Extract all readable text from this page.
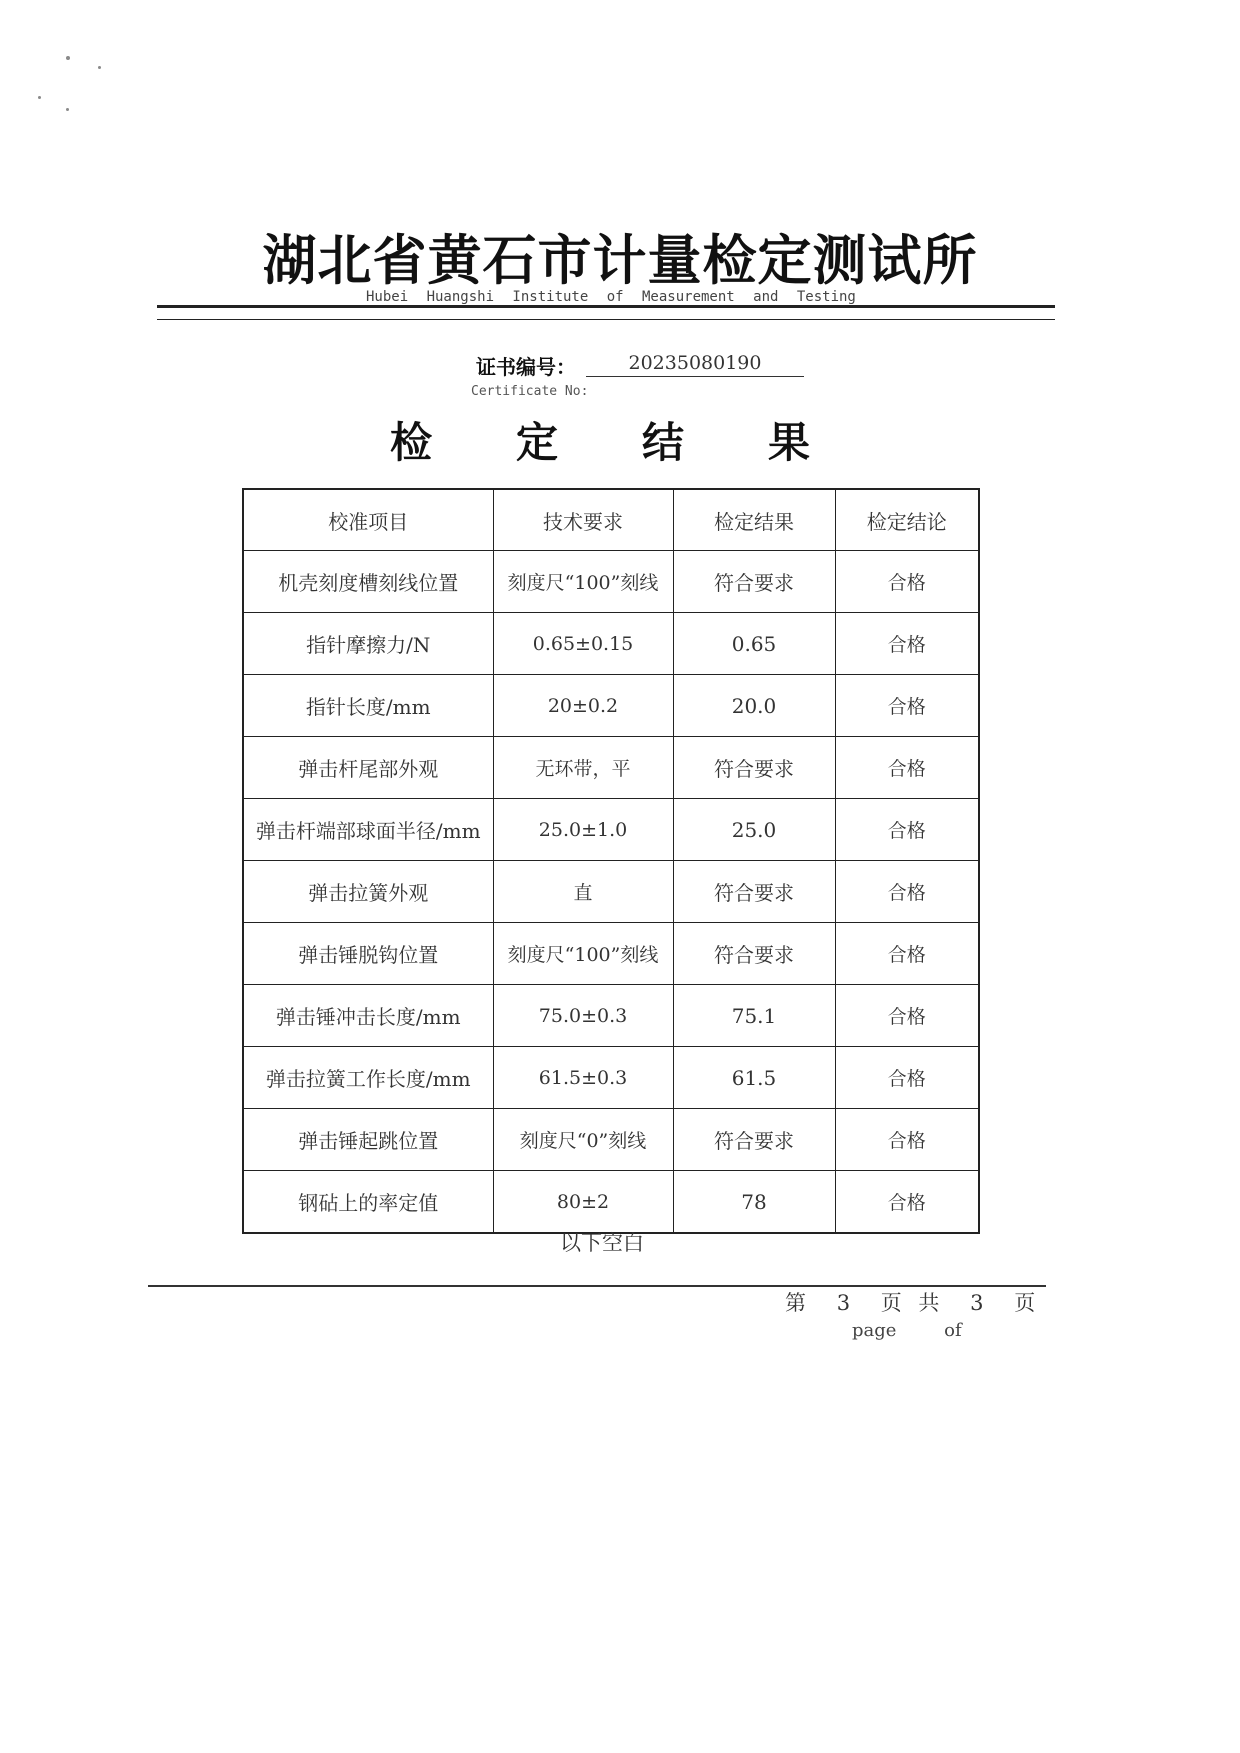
湖北省黄石市计量检定测试所
Hubei Huangshi Institute of Measurement and Testing
证书编号：	20235080190
Certificate No:
检 定 结 果
校准项目	技术要求	检定结果	检定结论
机壳刻度槽刻线位置	刻度尺“100”刻线	符合要求	合格
指针摩擦力/N	0.65±0.15	0.65	合格
指针长度/mm	20±0.2	20.0	合格
弹击杆尾部外观	无环带，平	符合要求	合格
弹击杆端部球面半径/mm	25.0±1.0	25.0	合格
弹击拉簧外观	直	符合要求	合格
弹击锤脱钩位置	刻度尺“100”刻线	符合要求	合格
弹击锤冲击长度/mm	75.0±0.3	75.1	合格
弹击拉簧工作长度/mm	61.5±0.3	61.5	合格
弹击锤起跳位置	刻度尺“0”刻线	符合要求	合格
钢砧上的率定值	80±2	78	合格
以下空白
第 3 页 共 3 页
page	of
